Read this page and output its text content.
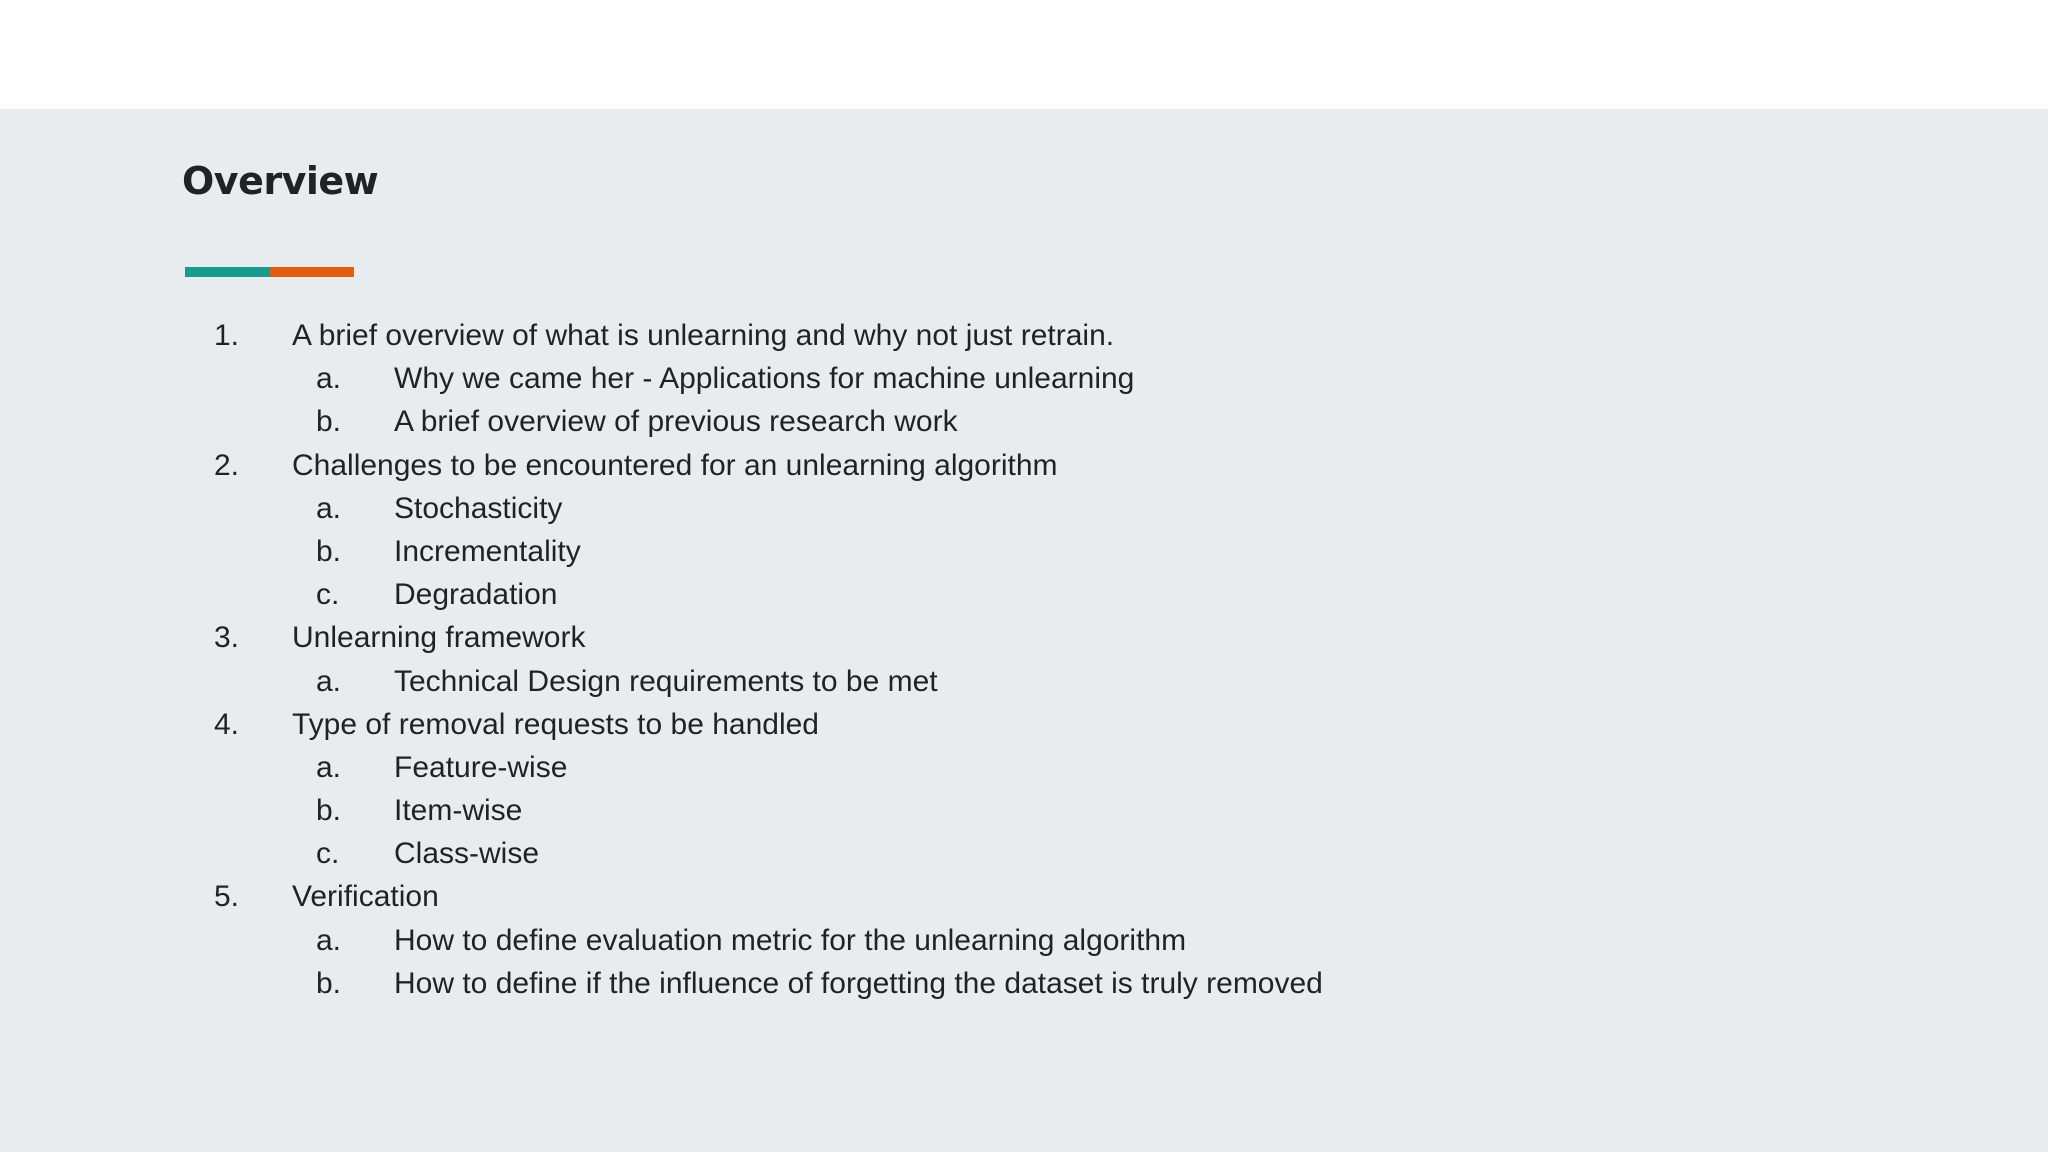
Overview
1. A brief overview of what is unlearning and why not just retrain.
a. Why we came her - Applications for machine unlearning
b. A brief overview of previous research work
2. Challenges to be encountered for an unlearning algorithm
a. Stochasticity
b. Incrementality
c. Degradation
3. Unlearning framework
a. Technical Design requirements to be met
4. Type of removal requests to be handled
a. Feature-wise
b. Item-wise
c. Class-wise
5. Verification
a. How to define evaluation metric for the unlearning algorithm
b. How to define if the influence of forgetting the dataset is truly removed
